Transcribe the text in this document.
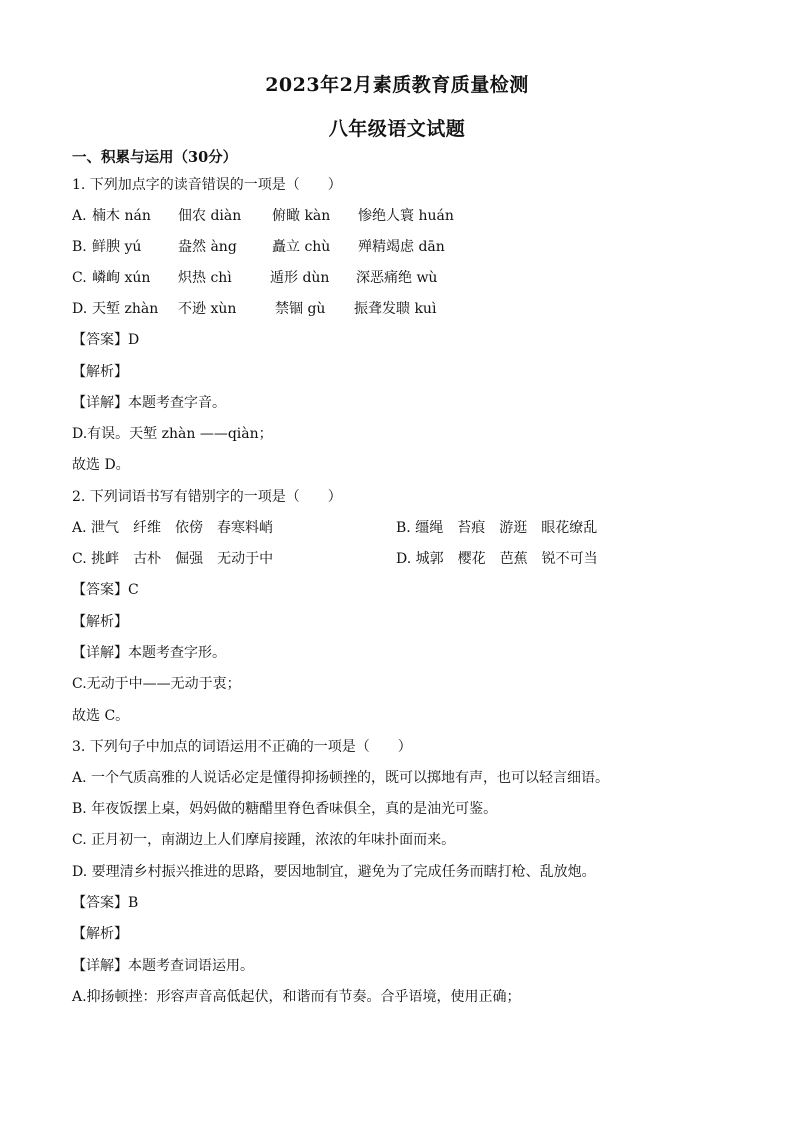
2023年2月素质教育质量检测
八年级语文试题
一、积累与运用（30分）
1. 下列加点字的读音错误的一项是（　　）
A. 楠木 nán 佃农 diàn 俯瞰 kàn 惨绝人寰 huán
B. 鲜腴 yú	盎然 àng	矗立 chù 殚精竭虑 dān
C. 嶙峋 xún 炽热 chì	遁形 dùn 深恶痛绝 wù
D. 天堑 zhàn 不逊 xùn	禁锢 gù 振聋发聩 kuì
【答案】D
【解析】
【详解】本题考查字音。
D.有误。天堑 zhàn ——qiàn；
故选 D。
2. 下列词语书写有错别字的一项是（　　）
A. 泄气　纤维　依傍　春寒料峭	B. 缰绳　苔痕　游逛　眼花缭乱
C. 挑衅　古朴　倔强　无动于中	D. 城郭　樱花　芭蕉　锐不可当
【答案】C
【解析】
【详解】本题考查字形。
C.无动于中——无动于衷；
故选 C。
3. 下列句子中加点的词语运用不正确的一项是（　　）
A. 一个气质高雅的人说话必定是懂得抑扬顿挫的，既可以掷地有声，也可以轻言细语。
B. 年夜饭摆上桌，妈妈做的糖醋里脊色香味俱全，真的是油光可鉴。
C. 正月初一，南湖边上人们摩肩接踵，浓浓的年味扑面而来。
D. 要理清乡村振兴推进的思路，要因地制宜，避免为了完成任务而瞎打枪、乱放炮。
【答案】B
【解析】
【详解】本题考查词语运用。
A.抑扬顿挫：形容声音高低起伏，和谐而有节奏。合乎语境，使用正确；
